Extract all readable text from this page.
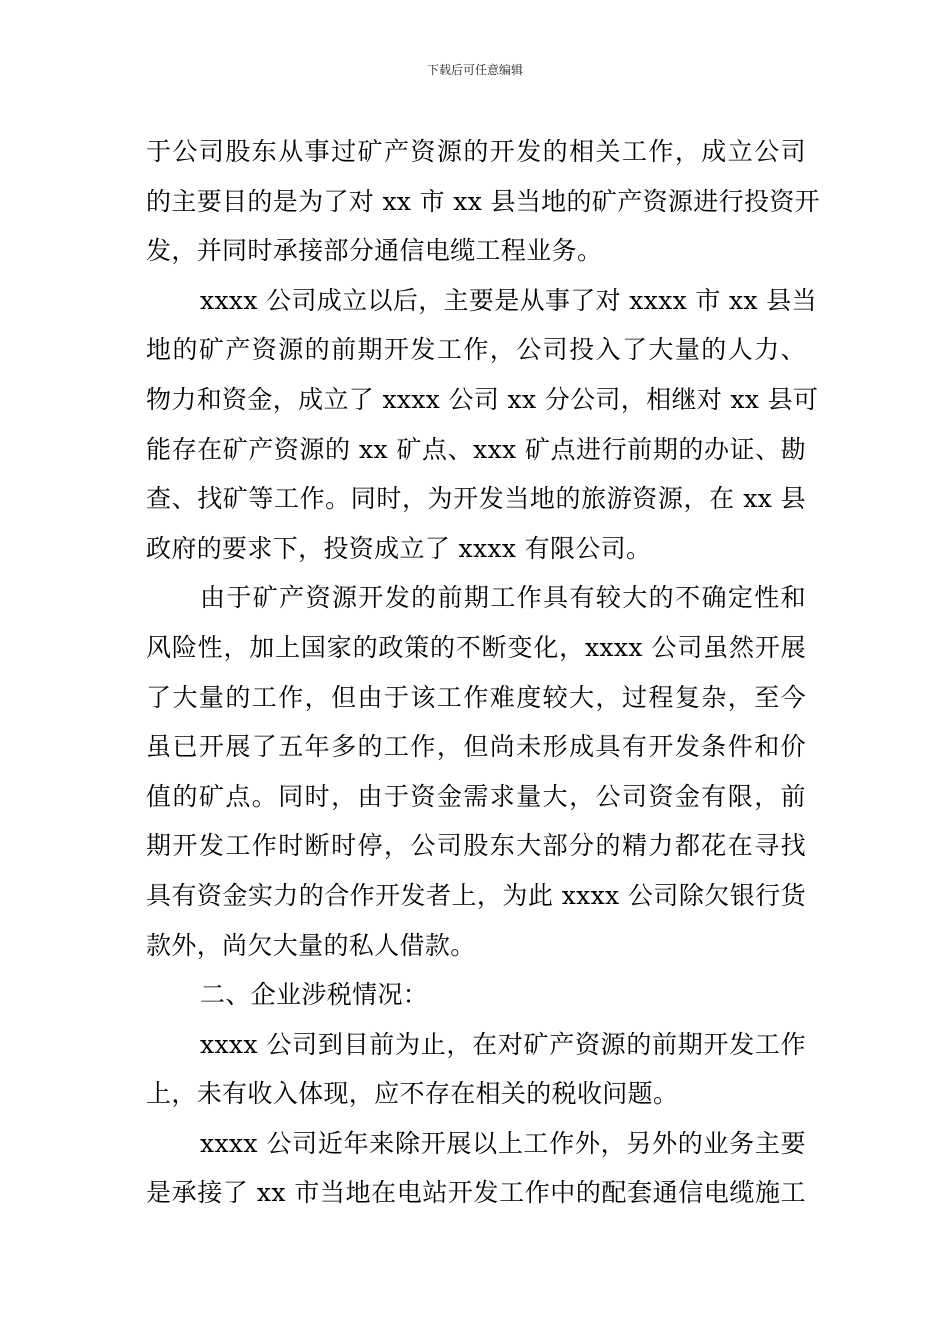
下载后可任意编辑
于公司股东从事过矿产资源的开发的相关工作，成立公司
的主要目的是为了对 xx 市 xx 县当地的矿产资源进行投资开
发，并同时承接部分通信电缆工程业务。
xxxx 公司成立以后，主要是从事了对 xxxx 市 xx 县当
地的矿产资源的前期开发工作，公司投入了大量的人力、
物力和资金，成立了 xxxx 公司 xx 分公司，相继对 xx 县可
能存在矿产资源的 xx 矿点、xxx 矿点进行前期的办证、勘
查、找矿等工作。同时，为开发当地的旅游资源，在 xx 县
政府的要求下，投资成立了 xxxx 有限公司。
由于矿产资源开发的前期工作具有较大的不确定性和
风险性，加上国家的政策的不断变化，xxxx 公司虽然开展
了大量的工作，但由于该工作难度较大，过程复杂，至今
虽已开展了五年多的工作，但尚未形成具有开发条件和价
值的矿点。同时，由于资金需求量大，公司资金有限，前
期开发工作时断时停，公司股东大部分的精力都花在寻找
具有资金实力的合作开发者上，为此 xxxx 公司除欠银行货
款外，尚欠大量的私人借款。
二、企业涉税情况：
xxxx 公司到目前为止，在对矿产资源的前期开发工作
上，未有收入体现，应不存在相关的税收问题。
xxxx 公司近年来除开展以上工作外，另外的业务主要
是承接了 xx 市当地在电站开发工作中的配套通信电缆施工
